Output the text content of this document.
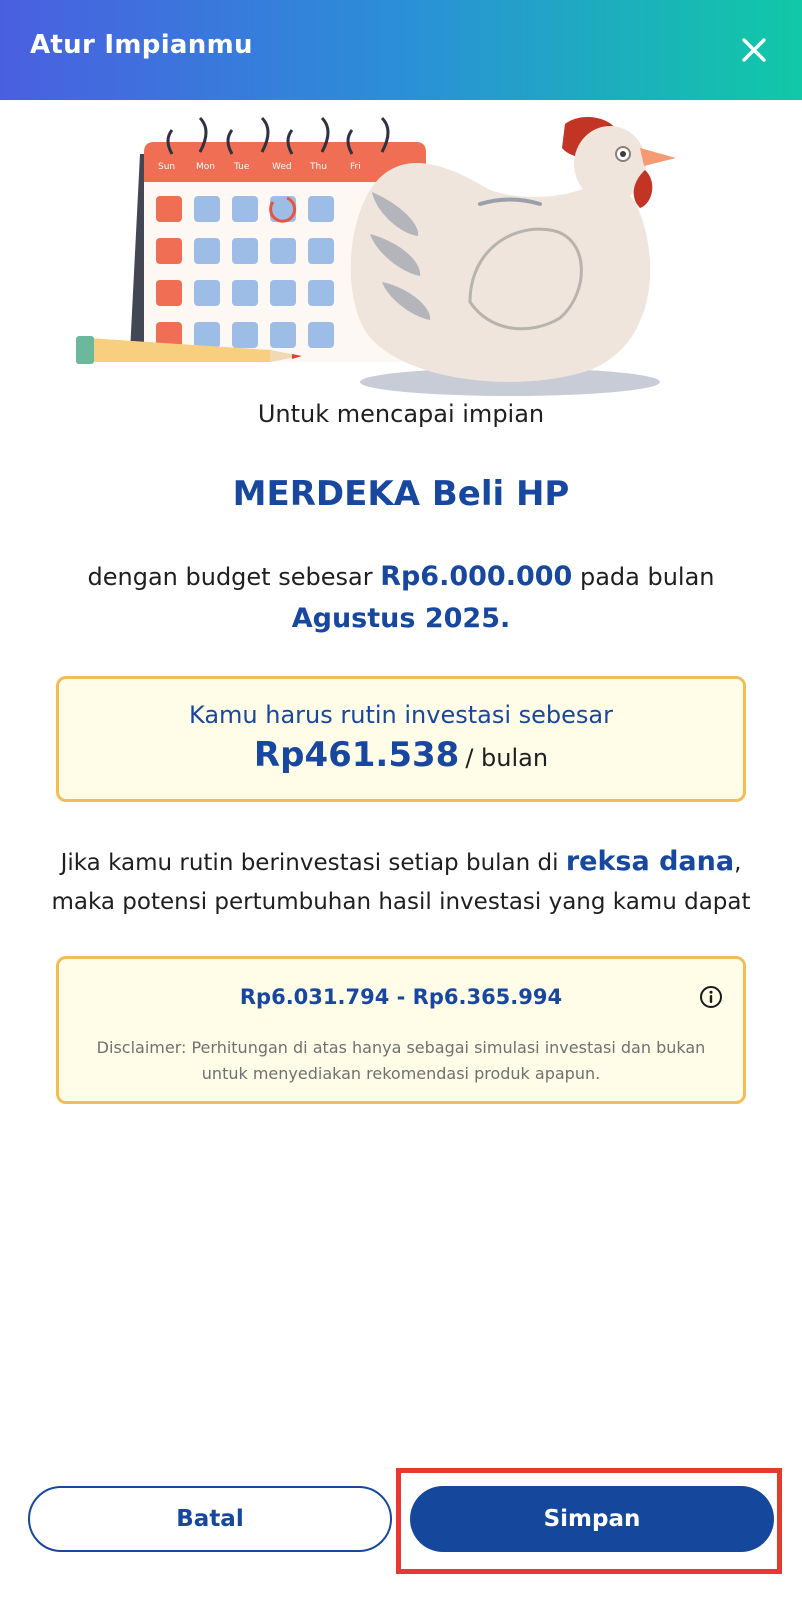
Atur Impianmu
Sun Mon Tue	Wed Thu	Fri
Untuk mencapai impian
MERDEKA Beli HP
dengan budget sebesar Rp6.000.000 pada bulan Agustus 2025.
Kamu harus rutin investasi sebesar
Rp461.538 / bulan
Jika kamu rutin berinvestasi setiap bulan di reksa dana, maka potensi pertumbuhan hasil investasi yang kamu dapat
Rp6.031.794 - Rp6.365.994
Disclaimer: Perhitungan di atas hanya sebagai simulasi investasi dan bukan untuk menyediakan rekomendasi produk apapun.
Batal	Simpan
